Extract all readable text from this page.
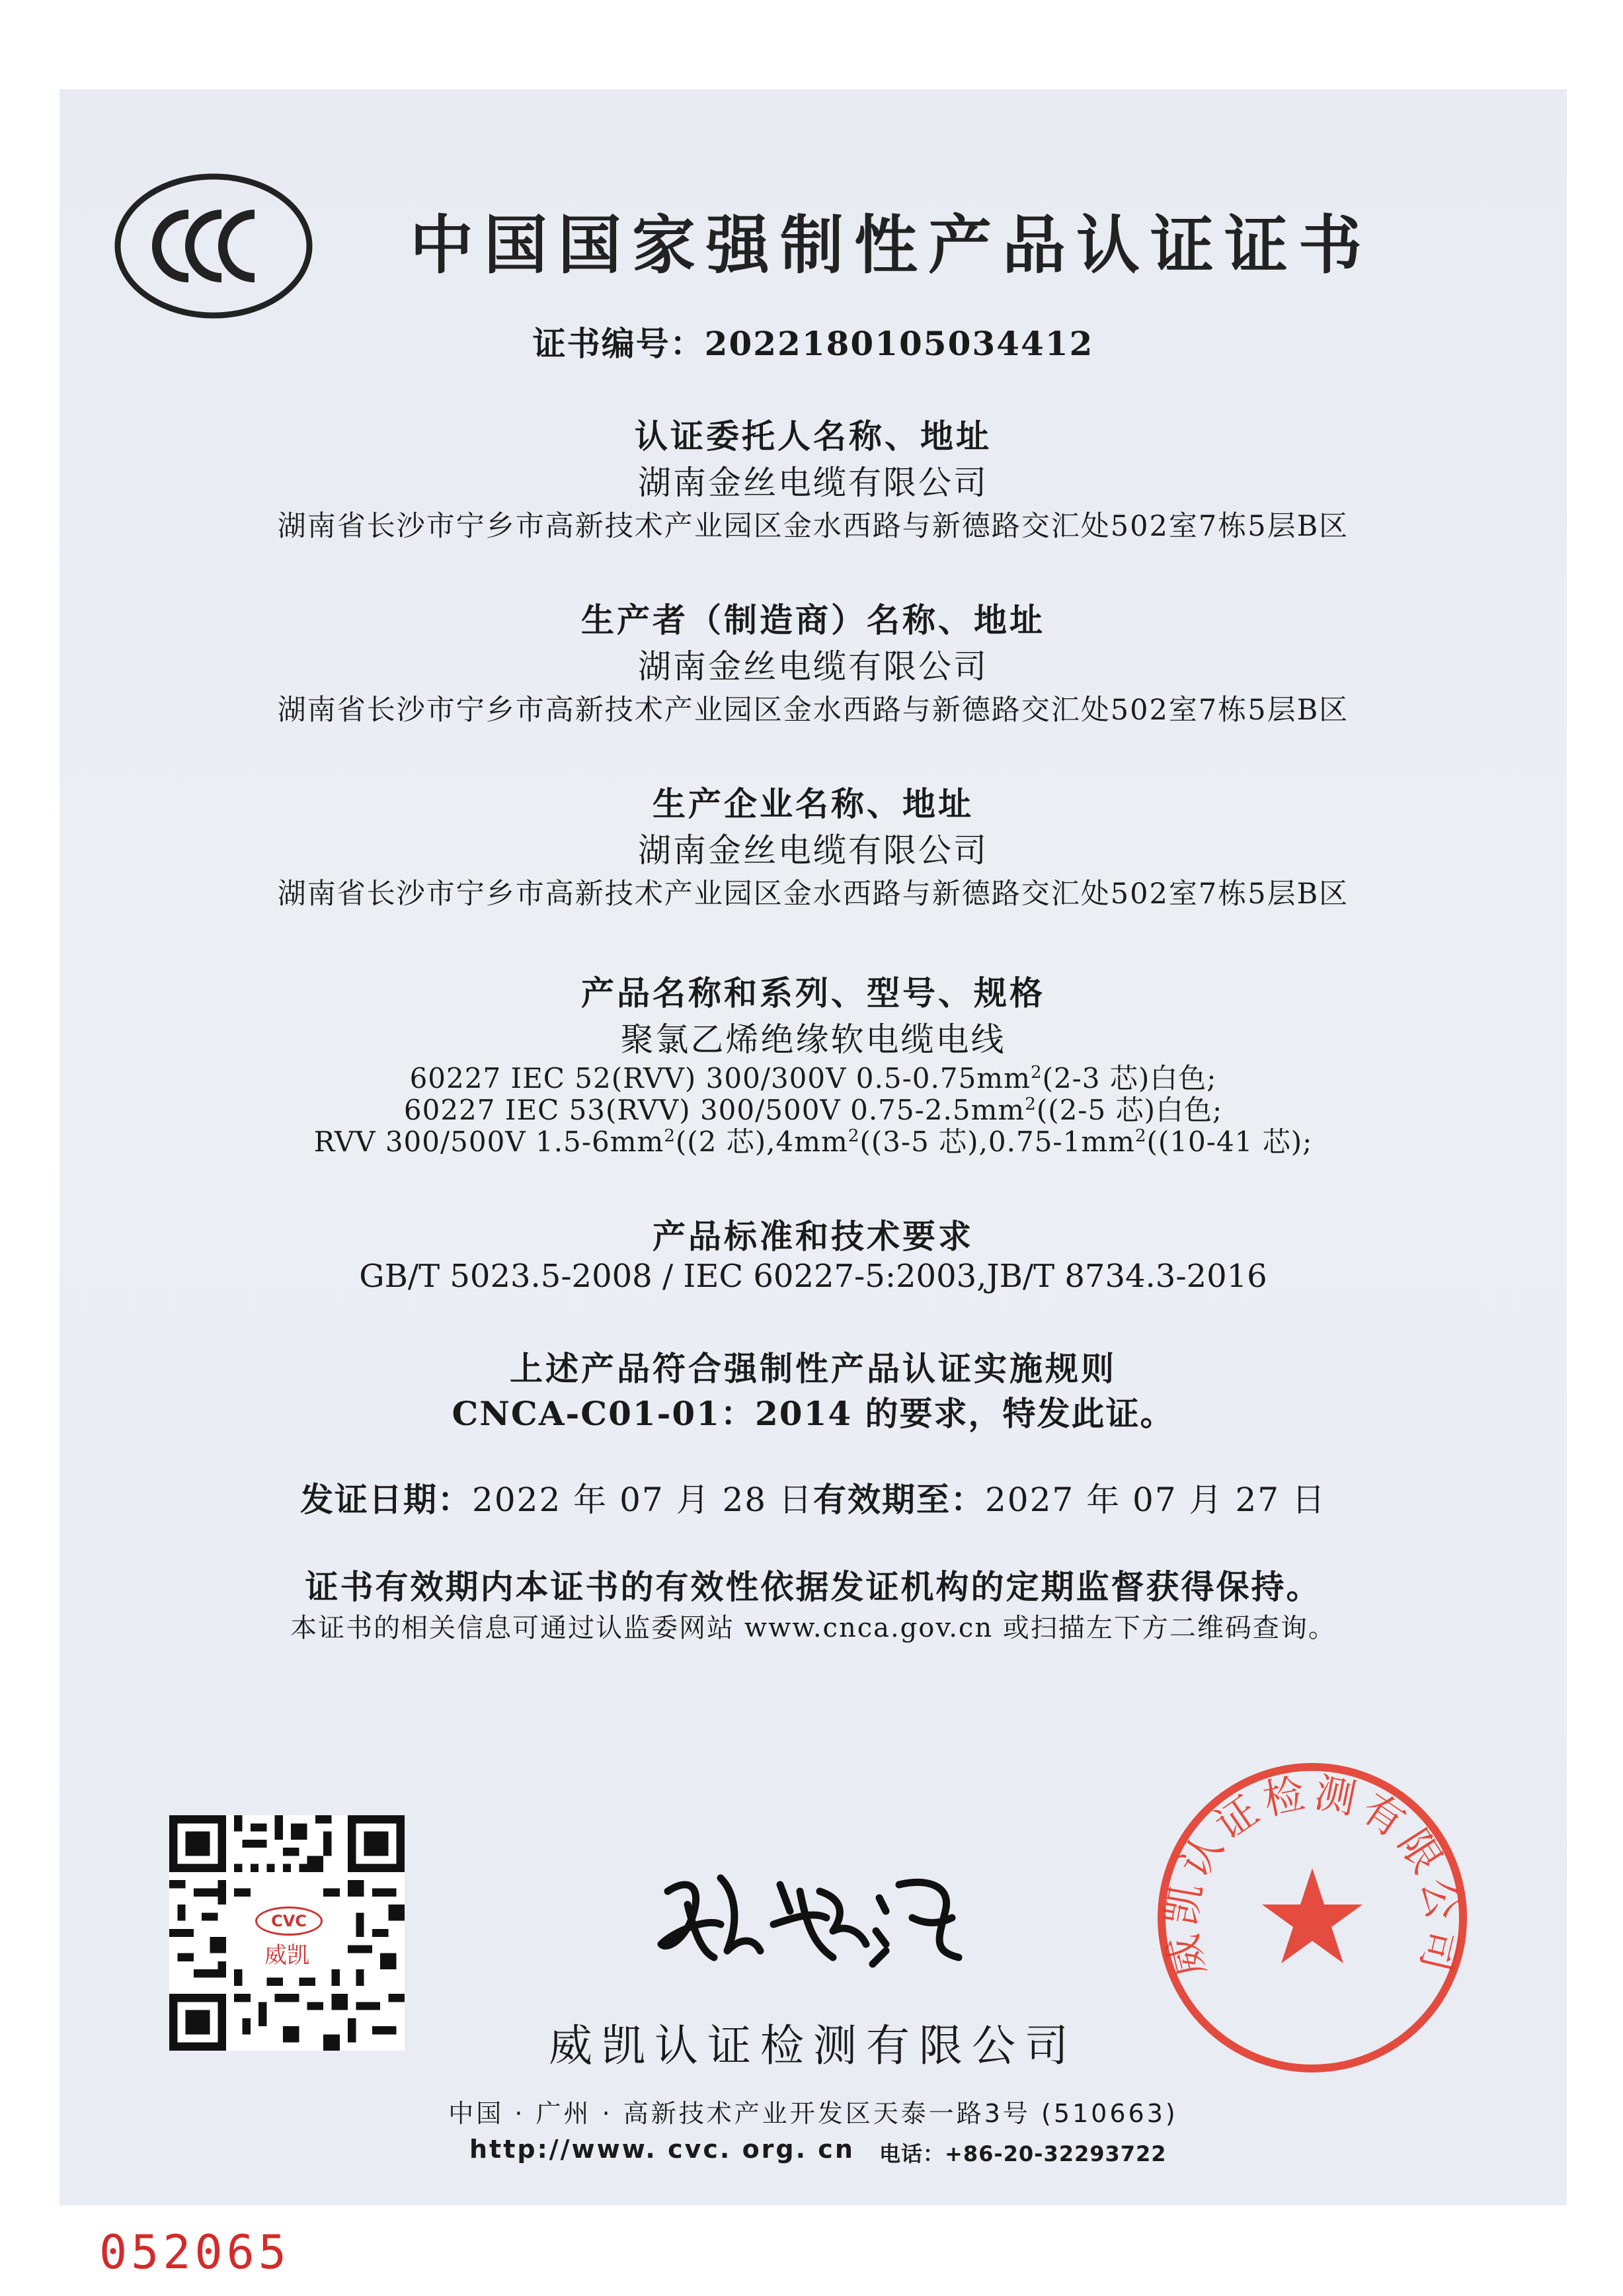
中国国家强制性产品认证证书
证书编号：2022180105034412
认证委托人名称、地址
湖南金丝电缆有限公司
湖南省长沙市宁乡市高新技术产业园区金水西路与新德路交汇处502室7栋5层B区
生产者（制造商）名称、地址
湖南金丝电缆有限公司
湖南省长沙市宁乡市高新技术产业园区金水西路与新德路交汇处502室7栋5层B区
生产企业名称、地址
湖南金丝电缆有限公司
湖南省长沙市宁乡市高新技术产业园区金水西路与新德路交汇处502室7栋5层B区
产品名称和系列、型号、规格
聚氯乙烯绝缘软电缆电线
60227 IEC 52(RVV) 300/300V $0.5-0.75mm^2(2-3$ 芯)白色;
60227 IEC 53(RVV) 300/500V $0.75-2.5mm^2((2-5$ 芯)白色;
RVV 300/500V $1.5-6mm^2((2$ 芯)$,4mm^2((3-5$ 芯)$,0.75-1mm^2((10-41$ 芯);
产品标准和技术要求
GB/T 5023.5-2008 / IEC 60227-5:2003,JB/T 8734.3-2016
上述产品符合强制性产品认证实施规则
CNCA-C01-01：2014 的要求，特发此证。
发证日期：2022 年 07 月 28 日有效期至：2027 年 07 月 27 日
证书有效期内本证书的有效性依据发证机构的定期监督获得保持。
本证书的相关信息可通过认监委网站 www.cnca.gov.cn 或扫描左下方二维码查询。
CVC
威凯
威凯认证检测有限公司
中国 · 广州 · 高新技术产业开发区天泰一路3号 (510663)
http://www. cvc. org. cn 电话：+86-20-32293722
威凯认证检测有限公司
052065
